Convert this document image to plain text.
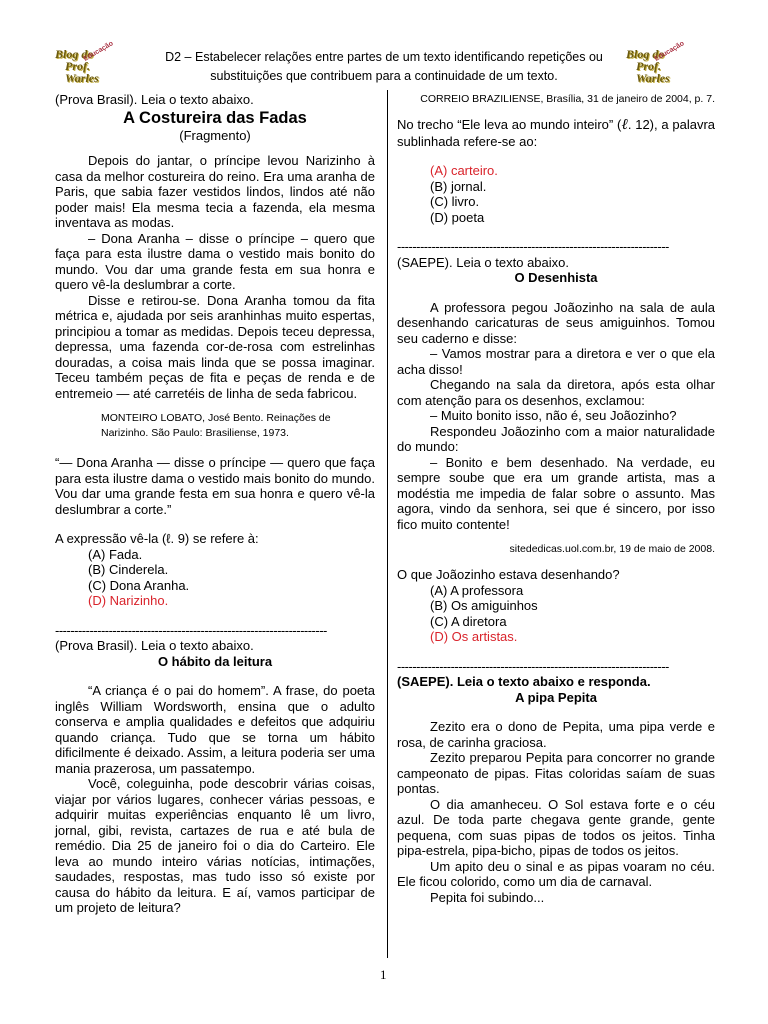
Educação
Blog do
Prof. Warles
Educação
Blog do
Prof. Warles
D2 – Estabelecer relações entre partes de um texto identificando repetições ou
substituições que contribuem para a continuidade de um texto.

(Prova Brasil). Leia o texto abaixo.

A Costureira das Fadas

(Fragmento)

Depois do jantar, o príncipe levou Narizinho à casa da melhor costureira do reino. Era uma aranha de Paris, que sabia fazer vestidos lindos, lindos até não poder mais! Ela mesma tecia a fazenda, ela mesma inventava as modas.

– Dona Aranha – disse o príncipe – quero que faça para esta ilustre dama o vestido mais bonito do mundo. Vou dar uma grande festa em sua honra e quero vê-la deslumbrar a corte.

Disse e retirou-se. Dona Aranha tomou da fita métrica e, ajudada por seis aranhinhas muito espertas, principiou a tomar as medidas. Depois teceu depressa, depressa, uma fazenda cor-de-rosa com estrelinhas douradas, a coisa mais linda que se possa imaginar. Teceu também peças de fita e peças de renda e de entremeio — até carretéis de linha de seda fabricou.

MONTEIRO LOBATO, José Bento. Reinações de Narizinho. São Paulo: Brasiliense, 1973.

“— Dona Aranha — disse o príncipe — quero que faça para esta ilustre dama o vestido mais bonito do mundo. Vou dar uma grande festa em sua honra e quero vê-la deslumbrar a corte.”

A expressão vê-la (ℓ. 9) se refere à:

(A) Fada.

(B) Cinderela.

(C) Dona Aranha.

(D) Narizinho.

-----------------------------------------------------------------------

(Prova Brasil). Leia o texto abaixo.

O hábito da leitura

“A criança é o pai do homem”. A frase, do poeta inglês William Wordsworth, ensina que o adulto conserva e amplia qualidades e defeitos que adquiriu quando criança. Tudo que se torna um hábito dificilmente é deixado. Assim, a leitura poderia ser uma mania prazerosa, um passatempo.

Você, coleguinha, pode descobrir várias coisas, viajar por vários lugares, conhecer várias pessoas, e adquirir muitas experiências enquanto lê um livro, jornal, gibi, revista, cartazes de rua e até bula de remédio. Dia 25 de janeiro foi o dia do Carteiro. Ele leva ao mundo inteiro várias notícias, intimações, saudades, respostas, mas tudo isso só existe por causa do hábito da leitura. E aí, vamos participar de um projeto de leitura?

CORREIO BRAZILIENSE, Brasília, 31 de janeiro de 2004, p. 7.

No trecho “Ele leva ao mundo inteiro” (ℓ. 12), a palavra sublinhada refere-se ao:

(A) carteiro.

(B) jornal.

(C) livro.

(D) poeta

-----------------------------------------------------------------------

(SAEPE). Leia o texto abaixo.

O Desenhista

A professora pegou Joãozinho na sala de aula desenhando caricaturas de seus amiguinhos. Tomou seu caderno e disse:

– Vamos mostrar para a diretora e ver o que ela acha disso!

Chegando na sala da diretora, após esta olhar com atenção para os desenhos, exclamou:

– Muito bonito isso, não é, seu Joãozinho?

Respondeu Joãozinho com a maior naturalidade do mundo:

– Bonito e bem desenhado. Na verdade, eu sempre soube que era um grande artista, mas a modéstia me impedia de falar sobre o assunto. Mas agora, vindo da senhora, sei que é sincero, por isso fico muito contente!

sitededicas.uol.com.br, 19 de maio de 2008.

O que Joãozinho estava desenhando?

(A) A professora

(B) Os amiguinhos

(C) A diretora

(D) Os artistas.

-----------------------------------------------------------------------

(SAEPE). Leia o texto abaixo e responda.

A pipa Pepita

Zezito era o dono de Pepita, uma pipa verde e rosa, de carinha graciosa.

Zezito preparou Pepita para concorrer no grande campeonato de pipas. Fitas coloridas saíam de suas pontas.

O dia amanheceu. O Sol estava forte e o céu azul. De toda parte chegava gente grande, gente pequena, com suas pipas de todos os jeitos. Tinha pipa-estrela, pipa-bicho, pipas de todos os jeitos.

Um apito deu o sinal e as pipas voaram no céu. Ele ficou colorido, como um dia de carnaval.

Pepita foi subindo...

1
